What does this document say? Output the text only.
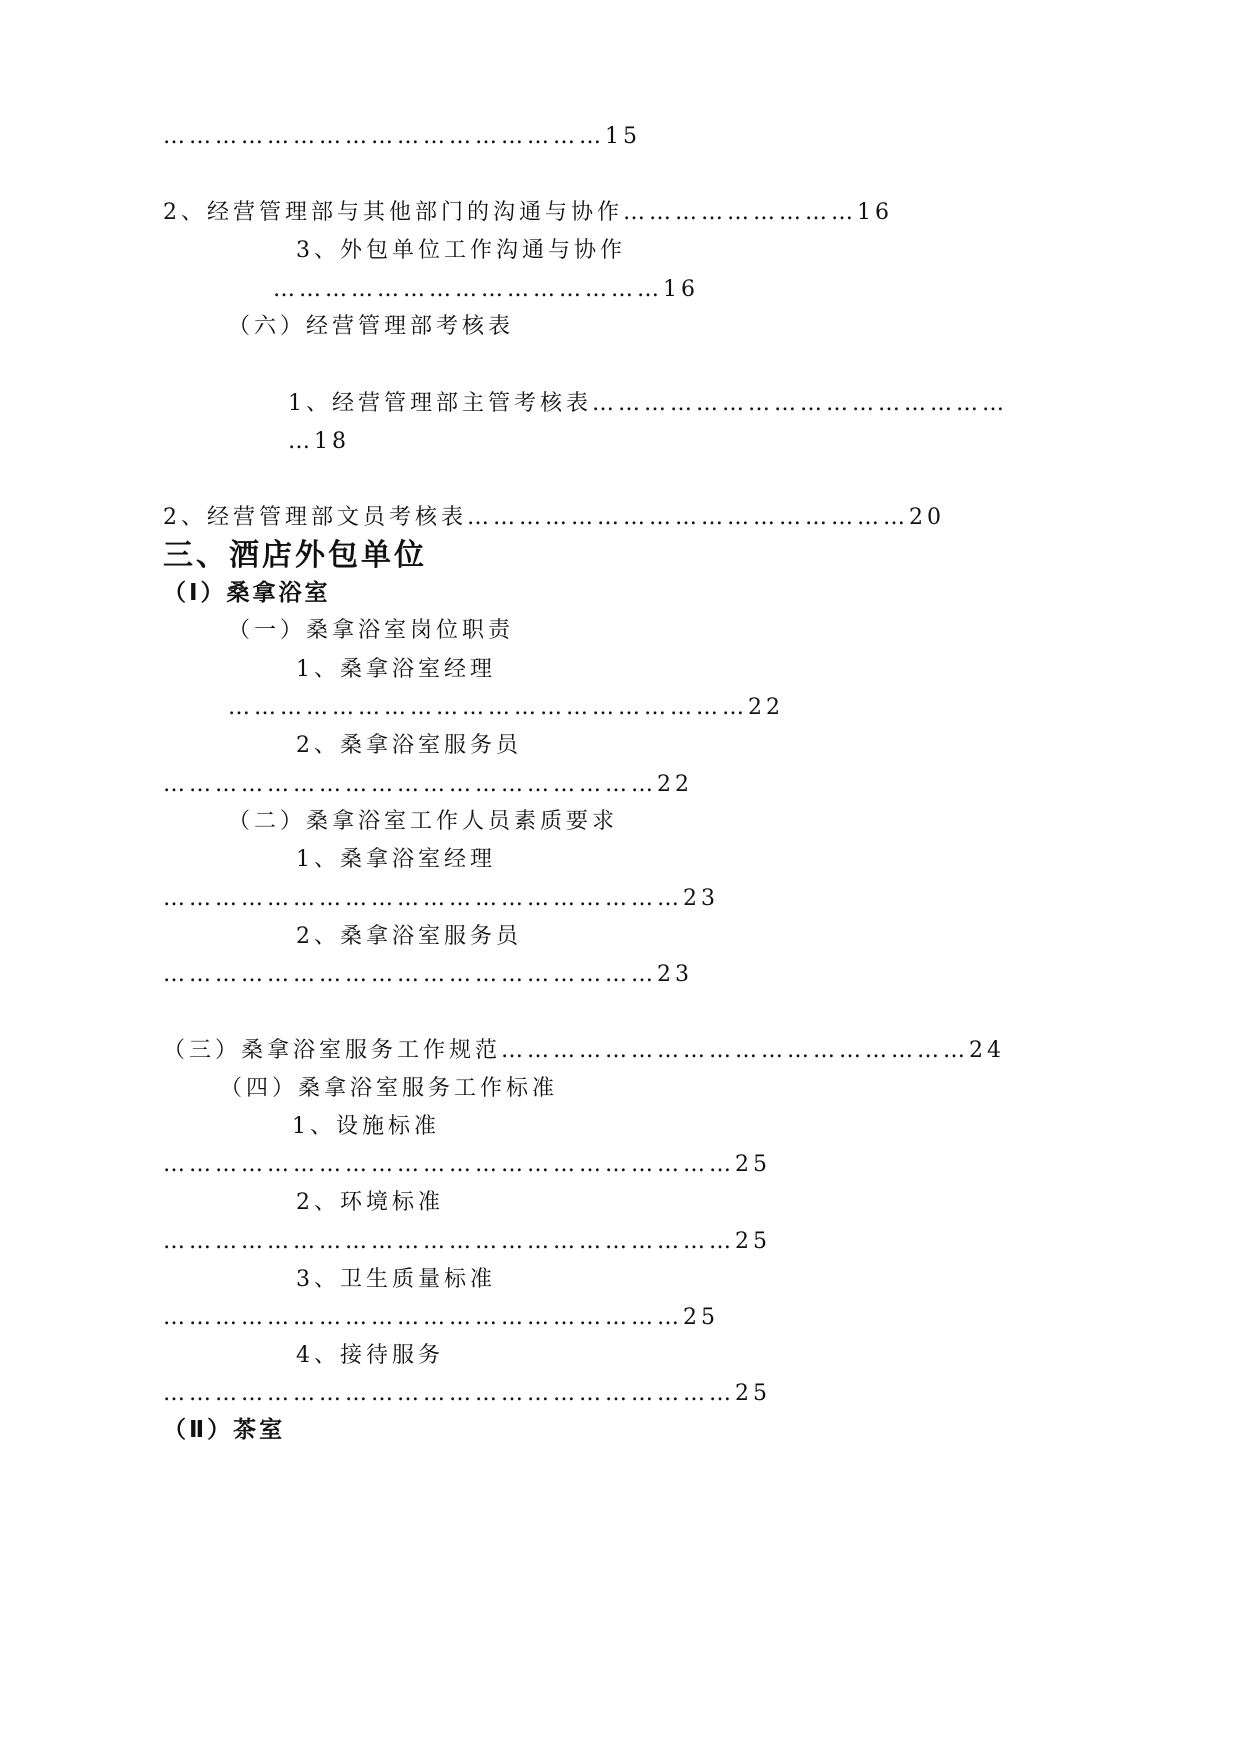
……………………………………………15
2、经营管理部与其他部门的沟通与协作………………………16
3、外包单位工作沟通与协作
………………………………………16
（六）经营管理部考核表
1、经营管理部主管考核表…………………………………………
…18
2、经营管理部文员考核表……………………………………………20
三、酒店外包单位
（Ⅰ）桑拿浴室
（一）桑拿浴室岗位职责
1、桑拿浴室经理
……………………………………………………22
2、桑拿浴室服务员
…………………………………………………22
（二）桑拿浴室工作人员素质要求
1、桑拿浴室经理
……………………………………………………23
2、桑拿浴室服务员
…………………………………………………23
（三）桑拿浴室服务工作规范………………………………………………24
（四）桑拿浴室服务工作标准
1、设施标准
…………………………………………………………25
2、环境标准
…………………………………………………………25
3、卫生质量标准
……………………………………………………25
4、接待服务
…………………………………………………………25
（Ⅱ）茶室
